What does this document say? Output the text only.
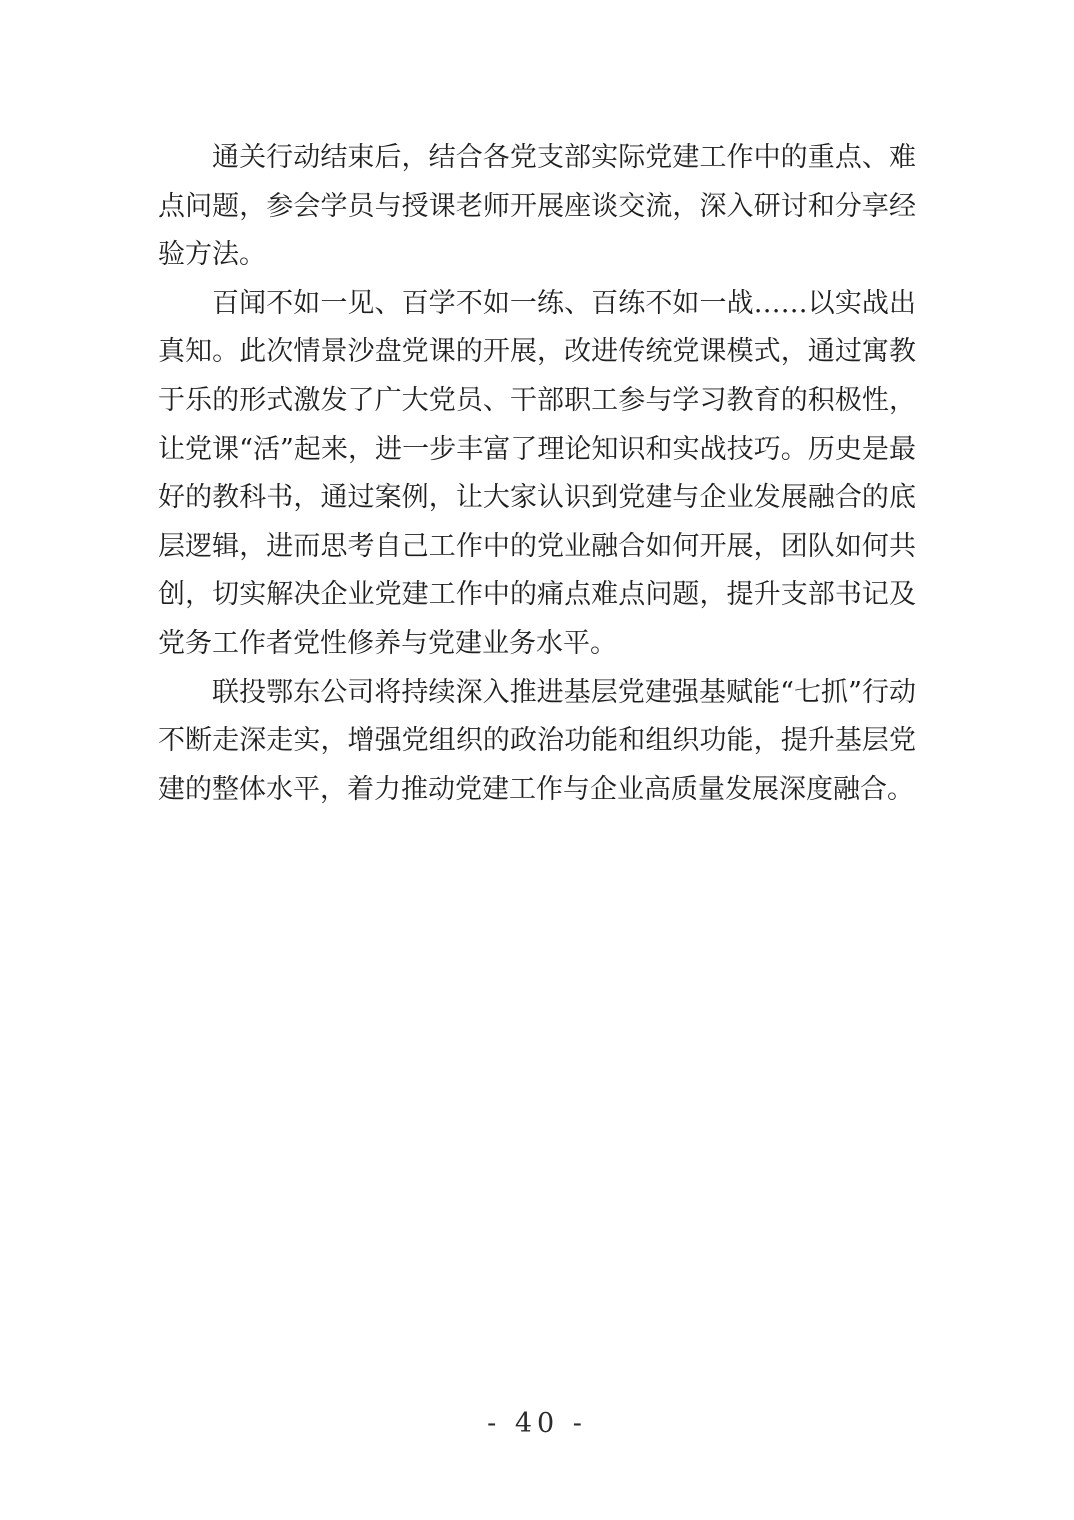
通关行动结束后，结合各党支部实际党建工作中的重点、难点问题，参会学员与授课老师开展座谈交流，深入研讨和分享经验方法。

百闻不如一见、百学不如一练、百练不如一战……以实战出真知。此次情景沙盘党课的开展，改进传统党课模式，通过寓教于乐的形式激发了广大党员、干部职工参与学习教育的积极性，让党课“活”起来，进一步丰富了理论知识和实战技巧。历史是最好的教科书，通过案例，让大家认识到党建与企业发展融合的底层逻辑，进而思考自己工作中的党业融合如何开展，团队如何共创，切实解决企业党建工作中的痛点难点问题，提升支部书记及党务工作者党性修养与党建业务水平。

联投鄂东公司将持续深入推进基层党建强基赋能“七抓”行动不断走深走实，增强党组织的政治功能和组织功能，提升基层党建的整体水平，着力推动党建工作与企业高质量发展深度融合。

- 40 -
